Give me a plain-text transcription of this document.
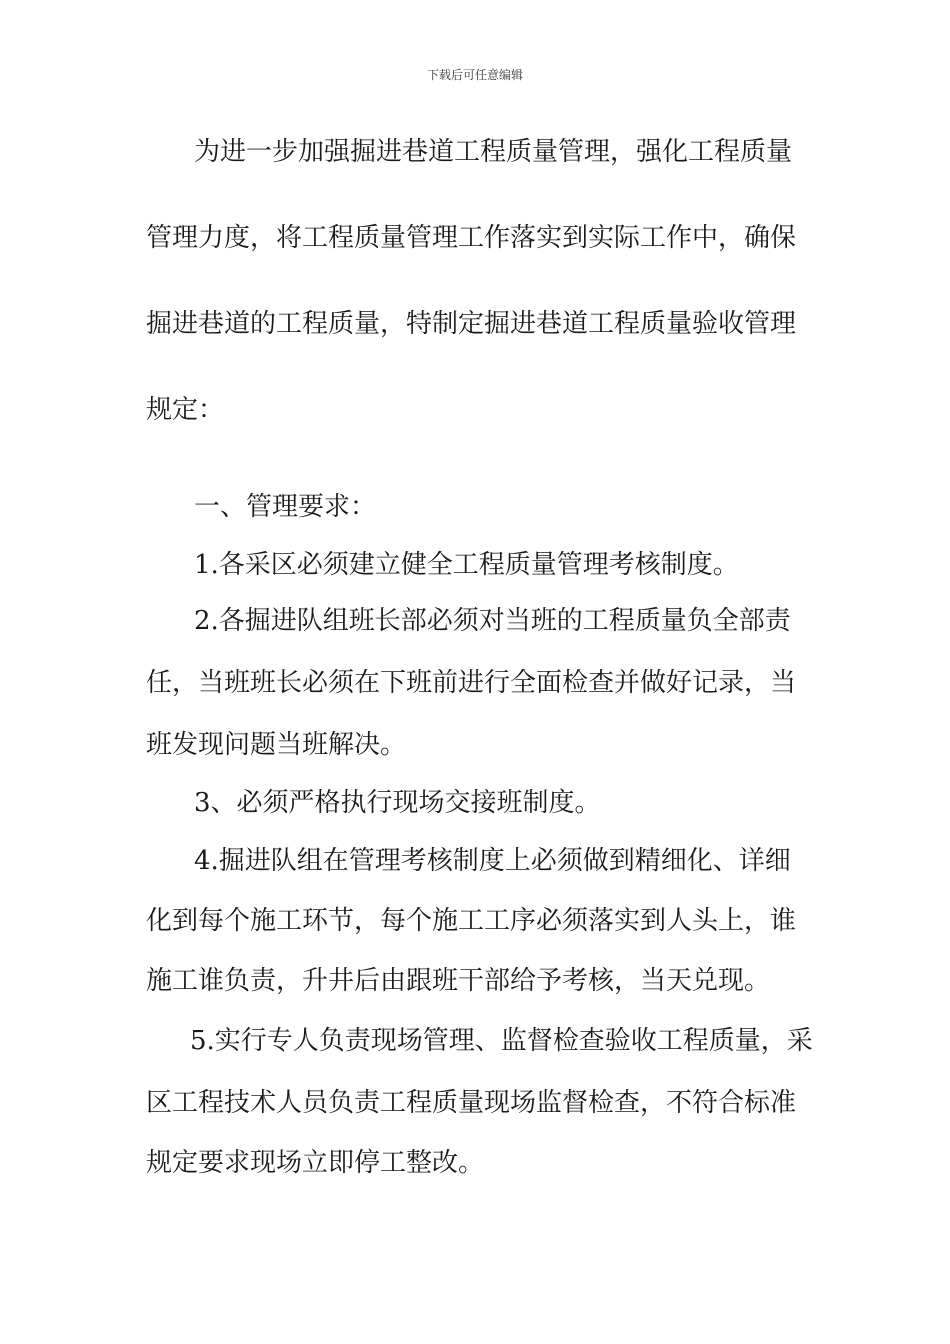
下载后可任意编辑
为进一步加强掘进巷道工程质量管理，强化工程质量
管理力度，将工程质量管理工作落实到实际工作中，确保
掘进巷道的工程质量，特制定掘进巷道工程质量验收管理
规定：
一、管理要求：
1.各采区必须建立健全工程质量管理考核制度。
2.各掘进队组班长部必须对当班的工程质量负全部责
任，当班班长必须在下班前进行全面检查并做好记录，当
班发现问题当班解决。
3、必须严格执行现场交接班制度。
4.掘进队组在管理考核制度上必须做到精细化、详细
化到每个施工环节，每个施工工序必须落实到人头上，谁
施工谁负责，升井后由跟班干部给予考核，当天兑现。
5.实行专人负责现场管理、监督检查验收工程质量，采
区工程技术人员负责工程质量现场监督检查，不符合标准
规定要求现场立即停工整改。
